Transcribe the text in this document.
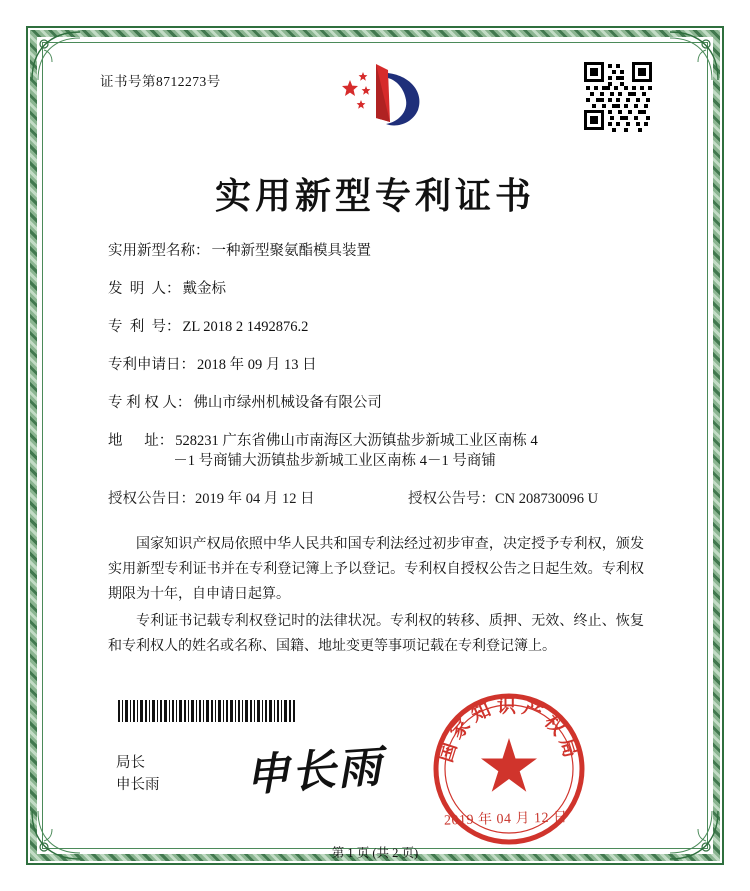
证书号第8712273号
实用新型专利证书
实用新型名称： 一种新型聚氨酯模具装置
发  明  人： 戴金标
专  利  号： ZL 2018 2 1492876.2
专利申请日： 2018 年 09 月 13 日
专 利 权 人： 佛山市绿州机械设备有限公司
地      址： 528231 广东省佛山市南海区大沥镇盐步新城工业区南栋 4
－1 号商铺大沥镇盐步新城工业区南栋 4－1 号商铺
授权公告日：2019 年 04 月 12 日	授权公告号：CN 208730096 U

国家知识产权局依照中华人民共和国专利法经过初步审查，决定授予专利权，颁发实用新型专利证书并在专利登记簿上予以登记。专利权自授权公告之日起生效。专利权期限为十年，自申请日起算。

专利证书记载专利权登记时的法律状况。专利权的转移、质押、无效、终止、恢复和专利权人的姓名或名称、国籍、地址变更等事项记载在专利登记簿上。

局长
申长雨 申长雨	国家知识产权局
2019 年 04 月 12 日
第 1 页 (共 2 页)
